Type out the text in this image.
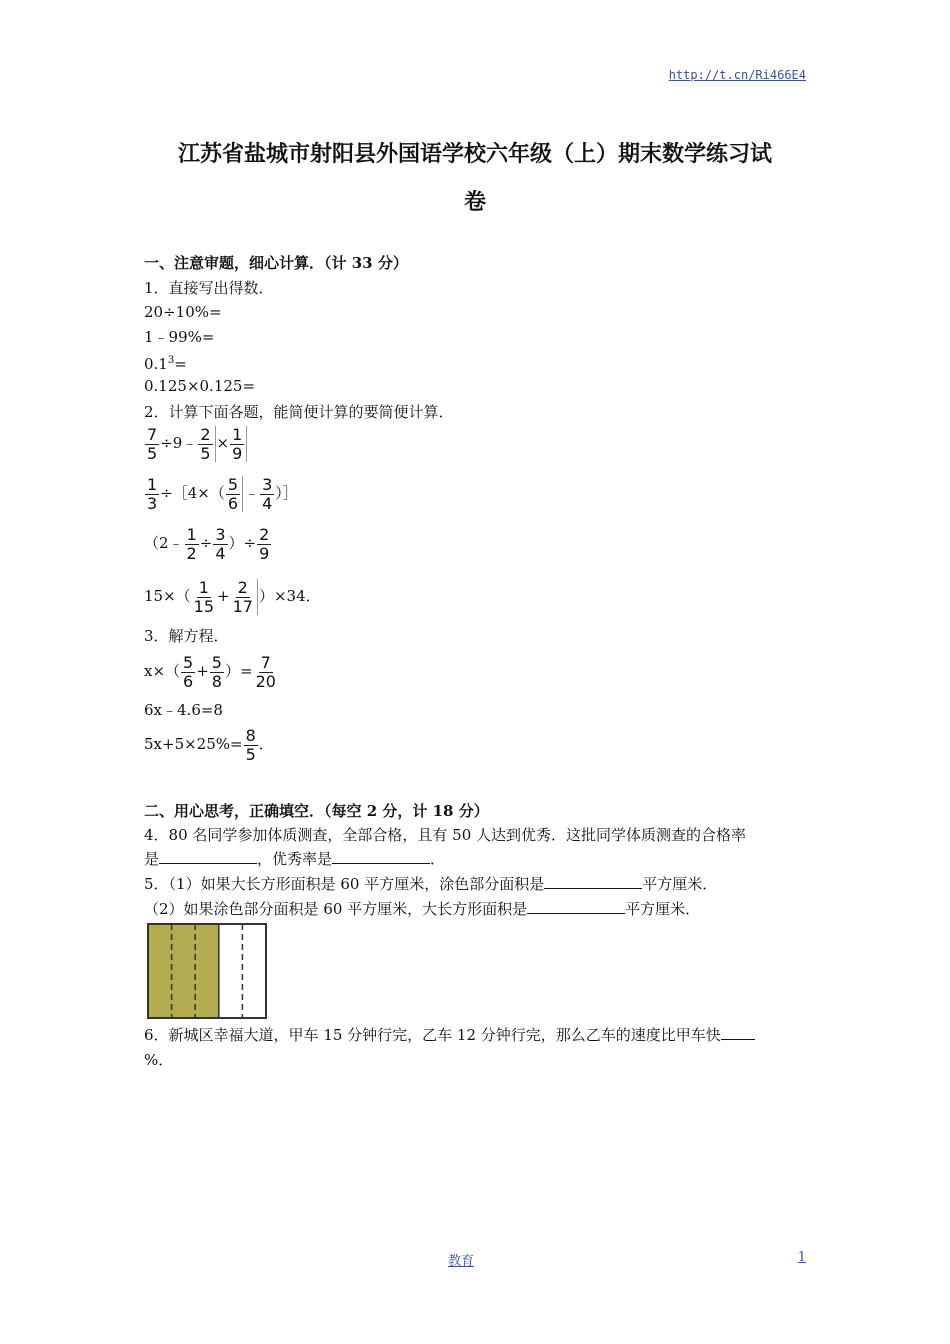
http://t.cn/Ri466E4
江苏省盐城市射阳县外国语学校六年级（上）期末数学练习试
卷
一、注意审题，细心计算．（计 33 分）
1．直接写出得数．
20÷10%=
1﹣99%=
$0.1^3=$
0.125×0.125=
2．计算下面各题，能简便计算的要简便计算．
$\frac{7}{5}$ ÷9﹣ $\frac{2}{5} \times \frac{1}{9}$
$\frac{1}{3}$ ÷［4×（ $\frac{5}{6}$ ﹣ $\frac{3}{4}$ ）］
（2﹣ $\frac{1}{2} \div \frac{3}{4}$ ）÷ $\frac{2}{9}$
$15\times( \frac{1}{15} + \frac{2}{17} )\times 34$．
3．解方程．
$x\times( \frac{5}{6} + \frac{5}{8}$ ）= $\frac{7}{20}$
6x﹣4.6=8
$5x+5\times 25\%= \frac{8}{5}$ ．
二、用心思考，正确填空．（每空 2 分，计 18 分）
4．80 名同学参加体质测查，全部合格，且有 50 人达到优秀．这批同学体质测查的合格率
是	，优秀率是	．
5．（1）如果大长方形面积是 60 平方厘米，涂色部分面积是	平方厘米．
（2）如果涂色部分面积是 60 平方厘米，大长方形面积是	平方厘米．
6．新城区幸福大道，甲车 15 分钟行完，乙车 12 分钟行完，那么乙车的速度比甲车快
%．
教育	1
